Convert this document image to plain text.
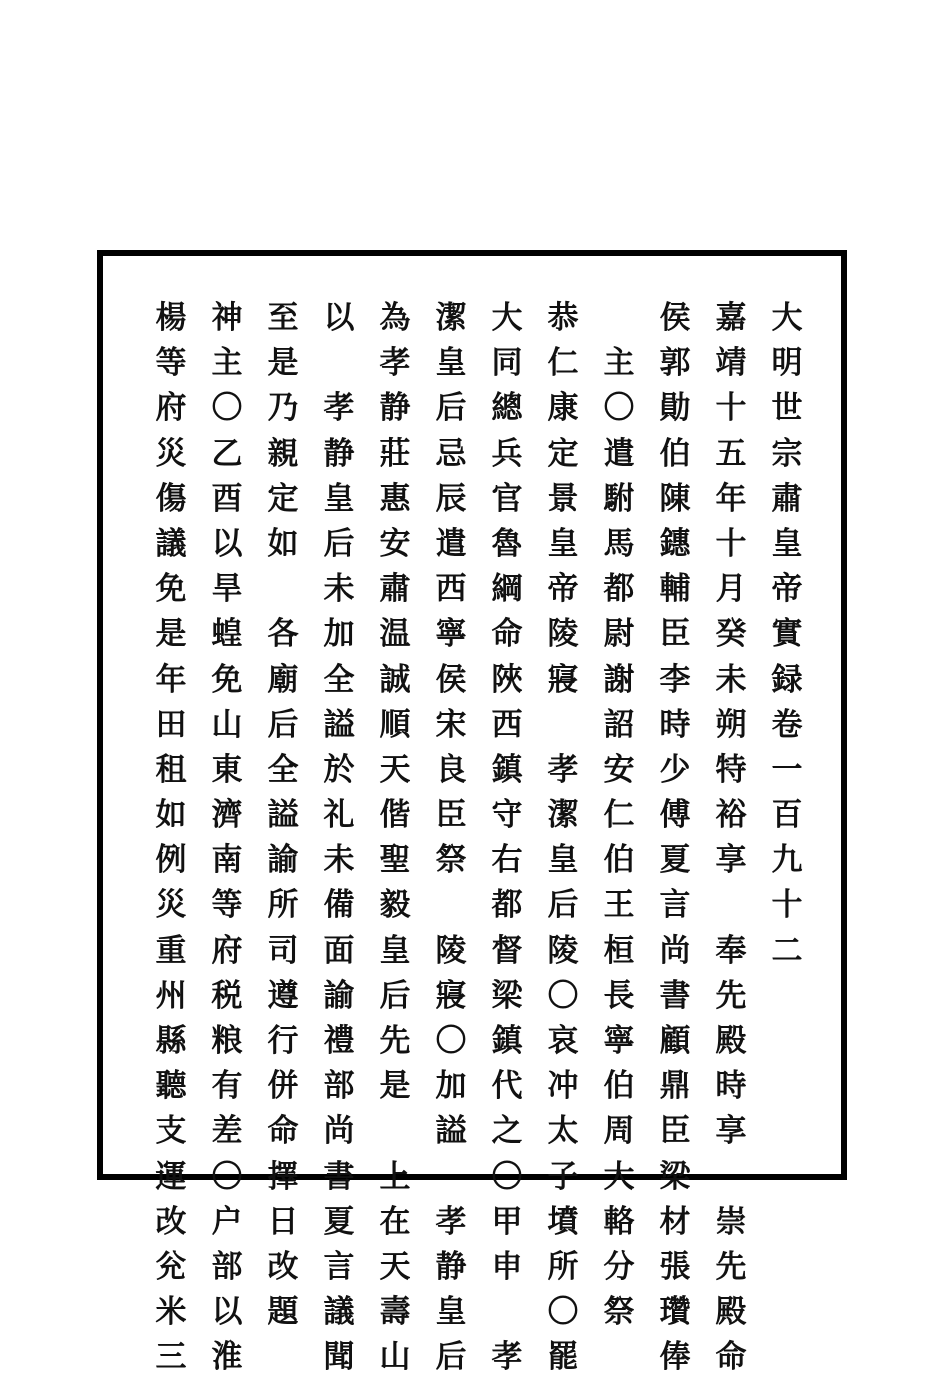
大
明
世
宗
肅
皇
帝
實
録
卷
一
百
九
十
二
嘉
靖
十
五
年
十
月
癸
未
朔
特
裕
享
奉
先
殿
時
享
崇
先
殿
命
侯
郭
勛
伯
陳
鏸
輔
臣
李
時
少
傅
夏
言
尚
書
顧
鼎
臣
梁
材
張
瓚
俸
主
〇
遣
駙
馬
都
尉
謝
詔
安
仁
伯
王
桓
長
寧
伯
周
大
輅
分
祭
恭
仁
康
定
景
皇
帝
陵
寢
孝
潔
皇
后
陵
〇
哀
冲
太
子
墳
所
〇
罷
大
同
總
兵
官
魯
綱
命
陜
西
鎮
守
右
都
督
梁
鎮
代
之
〇
甲
申
孝
潔
皇
后
忌
辰
遣
西
寧
侯
宋
良
臣
祭
陵
寢
〇
加
謚
孝
静
皇
后
為
孝
静
莊
惠
安
肅
温
誠
順
天
偕
聖
毅
皇
后
先
是
上
在
天
壽
山
以
孝
静
皇
后
未
加
全
謚
於
礼
未
備
面
諭
禮
部
尚
書
夏
言
議
聞
至
是
乃
親
定
如
各
廟
后
全
謚
諭
所
司
遵
行
併
命
擇
日
改
題
神
主
〇
乙
酉
以
旱
蝗
免
山
東
濟
南
等
府
税
粮
有
差
〇
户
部
以
淮
楊
等
府
災
傷
議
免
是
年
田
租
如
例
災
重
州
縣
聽
支
運
改
兊
米
三
